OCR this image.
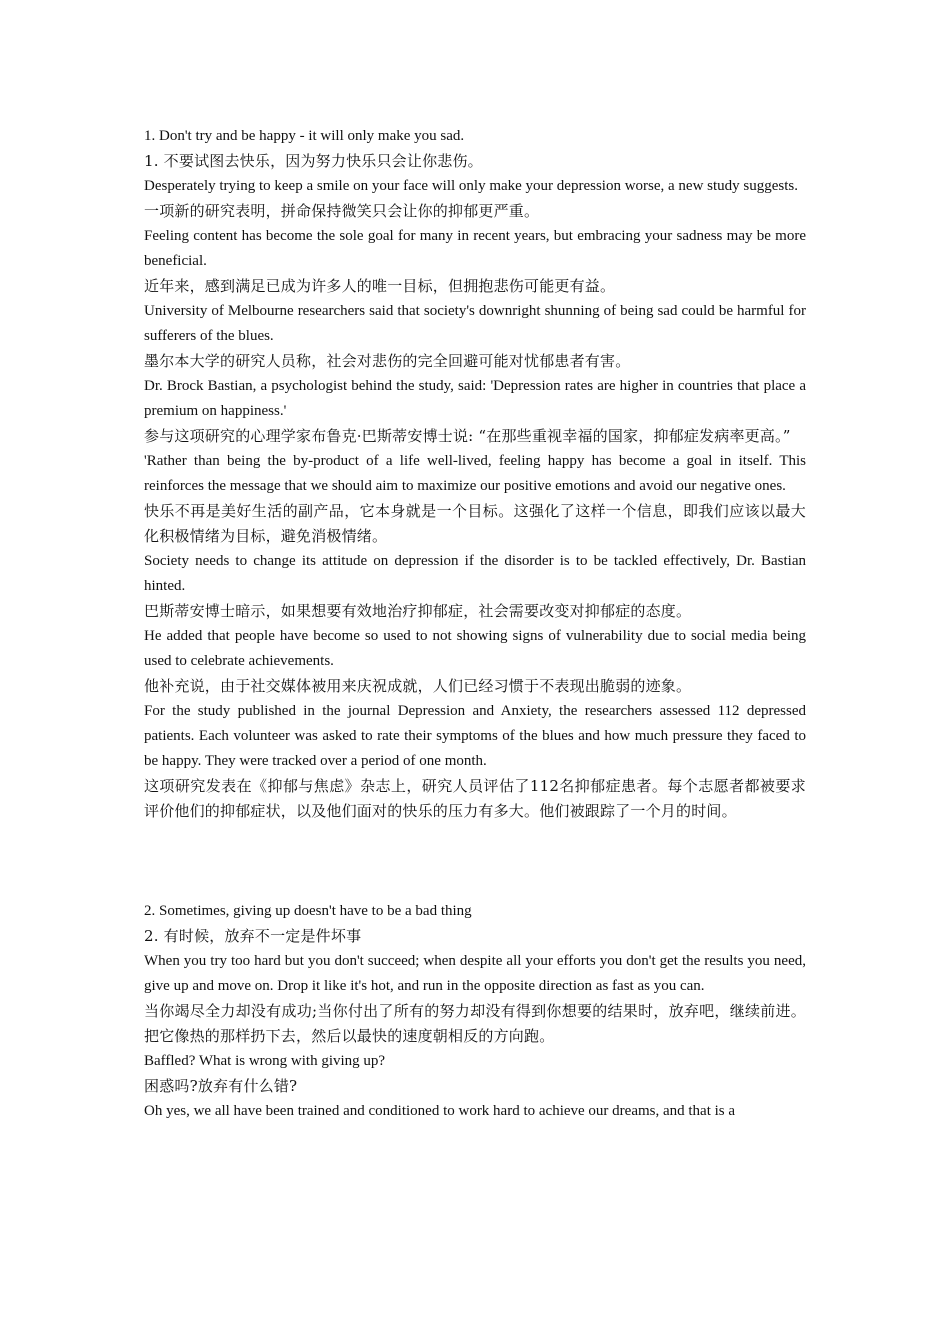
1. Don't try and be happy - it will only make you sad.

1. 不要试图去快乐，因为努力快乐只会让你悲伤。

Desperately trying to keep a smile on your face will only make your depression worse, a new study suggests.

一项新的研究表明，拼命保持微笑只会让你的抑郁更严重。

Feeling content has become the sole goal for many in recent years, but embracing your sadness may be more beneficial.

近年来，感到满足已成为许多人的唯一目标，但拥抱悲伤可能更有益。

University of Melbourne researchers said that society's downright shunning of being sad could be harmful for sufferers of the blues.

墨尔本大学的研究人员称，社会对悲伤的完全回避可能对忧郁患者有害。

Dr. Brock Bastian, a psychologist behind the study, said: 'Depression rates are higher in countries that place a premium on happiness.'

参与这项研究的心理学家布鲁克·巴斯蒂安博士说: “在那些重视幸福的国家，抑郁症发病率更高。”

'Rather than being the by-product of a life well-lived, feeling happy has become a goal in itself. This reinforces the message that we should aim to maximize our positive emotions and avoid our negative ones.

快乐不再是美好生活的副产品，它本身就是一个目标。这强化了这样一个信息，即我们应该以最大化积极情绪为目标，避免消极情绪。

Society needs to change its attitude on depression if the disorder is to be tackled effectively, Dr. Bastian hinted.

巴斯蒂安博士暗示，如果想要有效地治疗抑郁症，社会需要改变对抑郁症的态度。

He added that people have become so used to not showing signs of vulnerability due to social media being used to celebrate achievements.

他补充说，由于社交媒体被用来庆祝成就，人们已经习惯于不表现出脆弱的迹象。

For the study published in the journal Depression and Anxiety, the researchers assessed 112 depressed patients. Each volunteer was asked to rate their symptoms of the blues and how much pressure they faced to be happy. They were tracked over a period of one month.

这项研究发表在《抑郁与焦虑》杂志上，研究人员评估了112名抑郁症患者。每个志愿者都被要求评价他们的抑郁症状，以及他们面对的快乐的压力有多大。他们被跟踪了一个月的时间。

2. Sometimes, giving up doesn't have to be a bad thing

2. 有时候，放弃不一定是件坏事

When you try too hard but you don't succeed; when despite all your efforts you don't get the results you need, give up and move on. Drop it like it's hot, and run in the opposite direction as fast as you can.

当你竭尽全力却没有成功;当你付出了所有的努力却没有得到你想要的结果时，放弃吧，继续前进。把它像热的那样扔下去，然后以最快的速度朝相反的方向跑。

Baffled? What is wrong with giving up?

困惑吗?放弃有什么错?

Oh yes, we all have been trained and conditioned to work hard to achieve our dreams, and that is a
